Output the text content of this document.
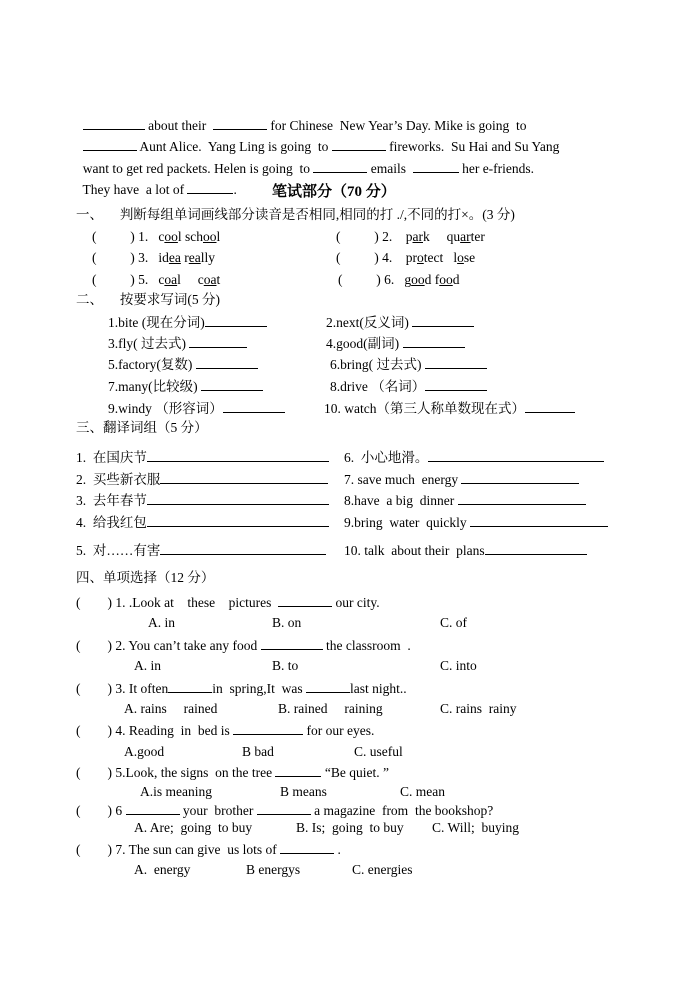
about their	for Chinese  New Year’s Day. Mike is going  to

Aunt Alice.  Yang Ling is going  to	fireworks.  Su Hai and Su Yang

want to get red packets. Helen is going  to	emails	her e-friends.

They have  a lot of	. 笔试部分（70 分）
一、     判断每组单词画线部分读音是否相同,相同的打 ./,不同的打×。(3 分)
(          ) 1.   cool school	(          ) 2.    park     quarter
(          ) 3.   idea really	(          ) 4.    protect   lose
(          ) 5.   coal     coat	(          ) 6.   good food
二、     按要求写词(5 分)
1.bite (现在分词)	2.next(反义词)
3.fly( 过去式)	4.good(副词)
5.factory(复数)	6.bring( 过去式)
7.many(比较级)	8.drive （名词）
9.windy （形容词）	10. watch（第三人称单数现在式）
三、翻译词组（5 分）
1.  在国庆节	6.  小心地滑。
2.  买些新衣服	7. save much  energy
3.  去年春节	8.have  a big  dinner
4.  给我红包	9.bring  water  quickly
5.  对……有害	10. talk  about their  plans
四、单项选择（12 分）
(        ) 1. .Look at    these    pictures	our city.
A. in	B. on	C. of
(        ) 2. You can’t take any food	the classroom  .
A. in	B. to	C. into
(        ) 3. It often	in  spring,It  was	last night..
A. rains     rained	B. rained     raining	C. rains  rainy
(        ) 4. Reading  in  bed is	for our eyes.
A.good	B bad	C. useful
(        ) 5.Look, the signs  on the tree	“Be quiet. ”
A.is meaning	B means	C. mean
(        ) 6	your  brother	a magazine  from  the bookshop?
A. Are;  going  to buy	B. Is;  going  to buy C. Will;  buying
(        ) 7. The sun can give  us lots of	.
A.  energy	B energys	C. energies
